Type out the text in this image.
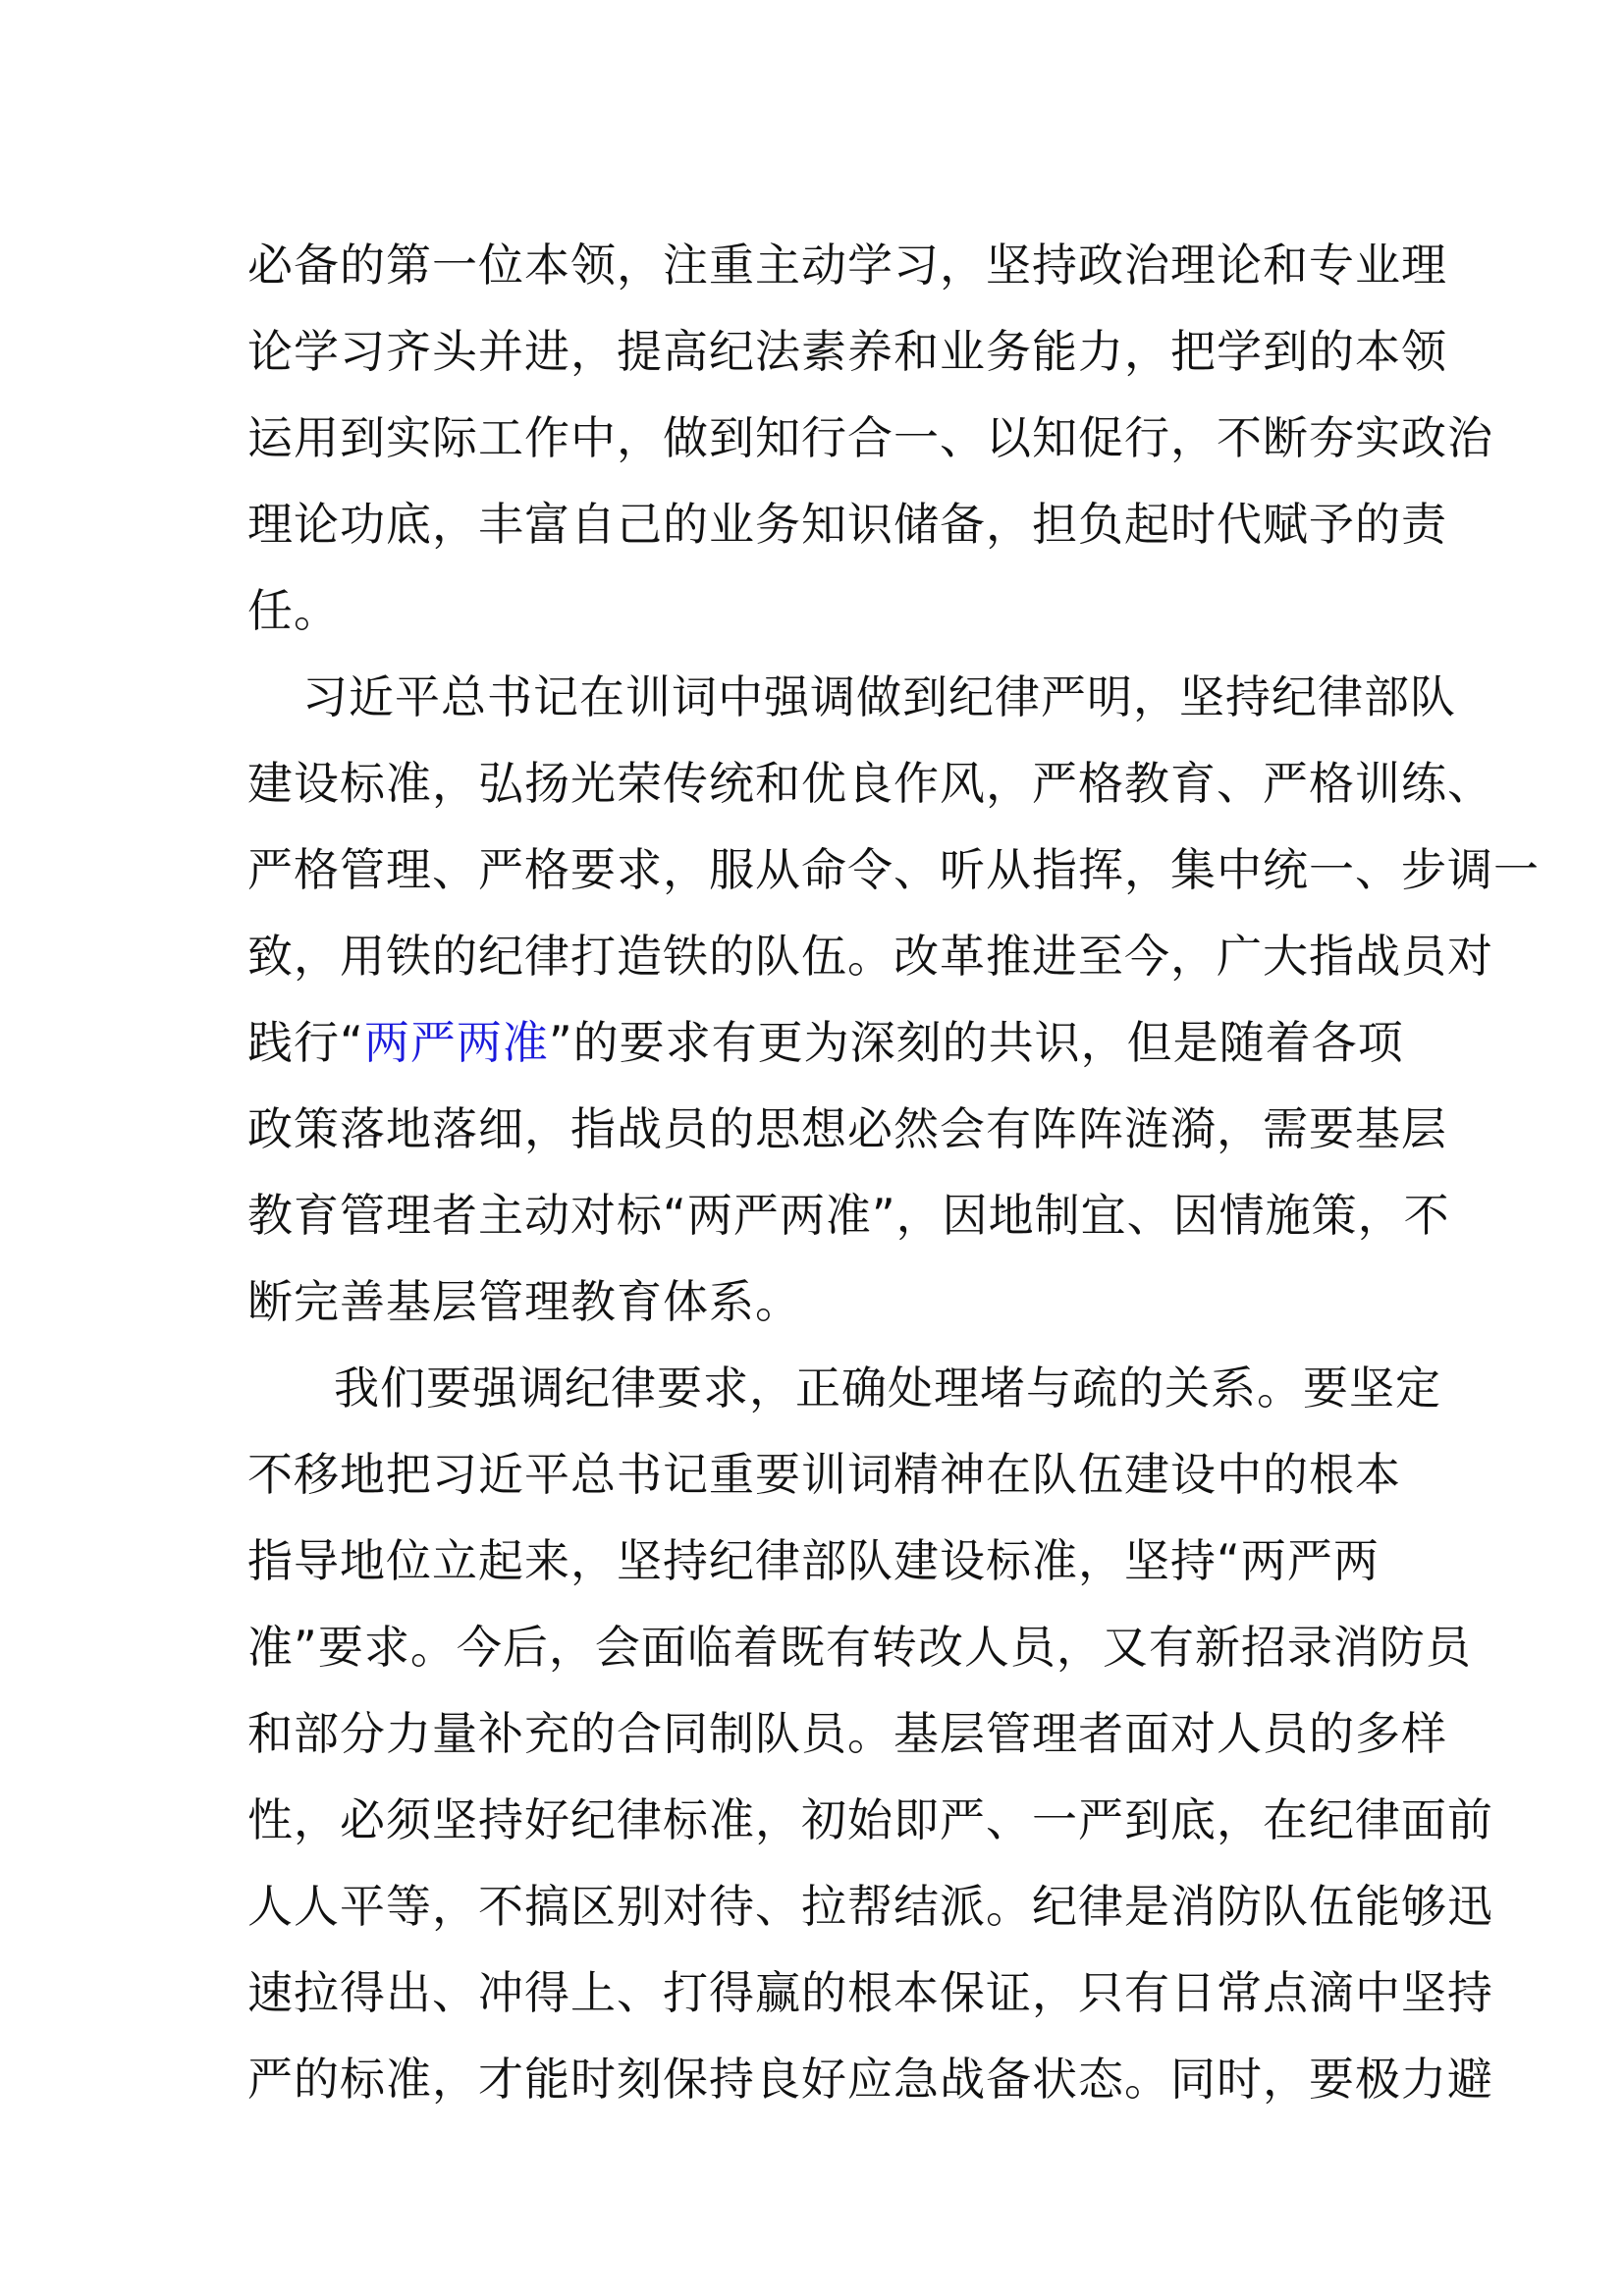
必备的第一位本领，注重主动学习，坚持政治理论和专业理
论学习齐头并进，提高纪法素养和业务能力，把学到的本领
运用到实际工作中，做到知行合一、以知促行，不断夯实政治
理论功底，丰富自己的业务知识储备，担负起时代赋予的责
任。
习近平总书记在训词中强调做到纪律严明，坚持纪律部队
建设标准，弘扬光荣传统和优良作风，严格教育、严格训练、
严格管理、严格要求，服从命令、听从指挥，集中统一、步调一
致，用铁的纪律打造铁的队伍。改革推进至今，广大指战员对
践行“两严两准”的要求有更为深刻的共识，但是随着各项
政策落地落细，指战员的思想必然会有阵阵涟漪，需要基层
教育管理者主动对标“两严两准”，因地制宜、因情施策，不
断完善基层管理教育体系。
我们要强调纪律要求，正确处理堵与疏的关系。要坚定
不移地把习近平总书记重要训词精神在队伍建设中的根本
指导地位立起来，坚持纪律部队建设标准，坚持“两严两
准”要求。今后，会面临着既有转改人员，又有新招录消防员
和部分力量补充的合同制队员。基层管理者面对人员的多样
性，必须坚持好纪律标准，初始即严、一严到底，在纪律面前
人人平等，不搞区别对待、拉帮结派。纪律是消防队伍能够迅
速拉得出、冲得上、打得赢的根本保证，只有日常点滴中坚持
严的标准，才能时刻保持良好应急战备状态。同时，要极力避
